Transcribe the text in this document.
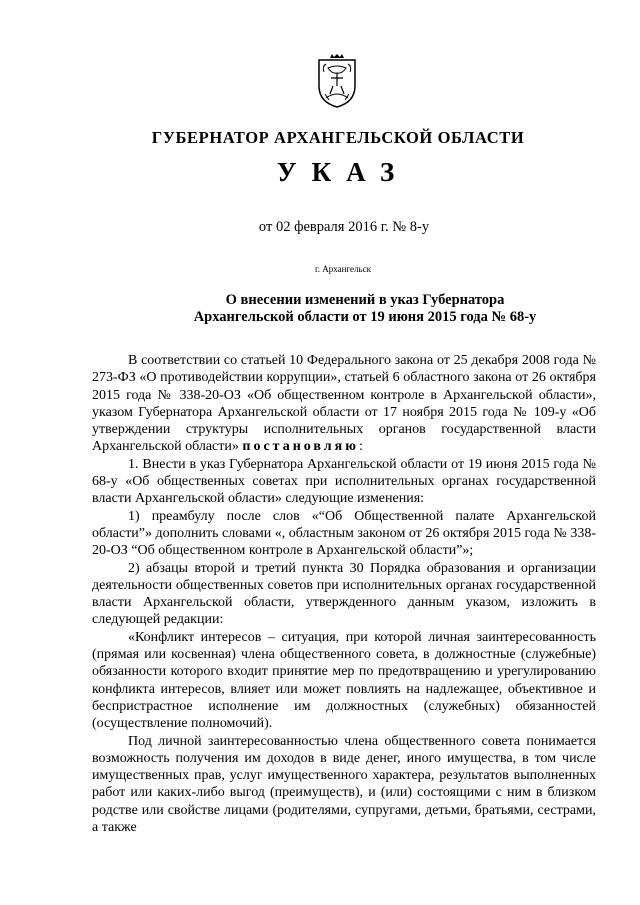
ГУБЕРНАТОР АРХАНГЕЛЬСКОЙ ОБЛАСТИ
УКАЗ
от 02 февраля 2016 г. № 8-у
г. Архангельск
О внесении изменений в указ Губернатора
Архангельской области от 19 июня 2015 года № 68-у

В соответствии со статьей 10 Федерального закона от 25 декабря 2008 года № 273-ФЗ «О противодействии коррупции», статьей 6 областного закона от 26 октября 2015 года № 338-20-ОЗ «Об общественном контроле в Архангельской области», указом Губернатора Архангельской области от 17 ноября 2015 года № 109-у «Об утверждении структуры исполнительных органов государственной власти Архангельской области» постановляю:

1. Внести в указ Губернатора Архангельской области от 19 июня 2015 года № 68-у «Об общественных советах при исполнительных органах государственной власти Архангельской области» следующие изменения:

1) преамбулу после слов «“Об Общественной палате Архангельской области”» дополнить словами «, областным законом от 26 октября 2015 года № 338-20-ОЗ “Об общественном контроле в Архангельской области”»;

2) абзацы второй и третий пункта 30 Порядка образования и организации деятельности общественных советов при исполнительных органах государственной власти Архангельской области, утвержденного данным указом, изложить в следующей редакции:

«Конфликт интересов – ситуация, при которой личная заинтересованность (прямая или косвенная) члена общественного совета, в должностные (служебные) обязанности которого входит принятие мер по предотвращению и урегулированию конфликта интересов, влияет или может повлиять на надлежащее, объективное и беспристрастное исполнение им должностных (служебных) обязанностей (осуществление полномочий).

Под личной заинтересованностью члена общественного совета понимается возможность получения им доходов в виде денег, иного имущества, в том числе имущественных прав, услуг имущественного характера, результатов выполненных работ или каких-либо выгод (преимуществ), и (или) состоящими с ним в близком родстве или свойстве лицами (родителями, супругами, детьми, братьями, сестрами, а также
